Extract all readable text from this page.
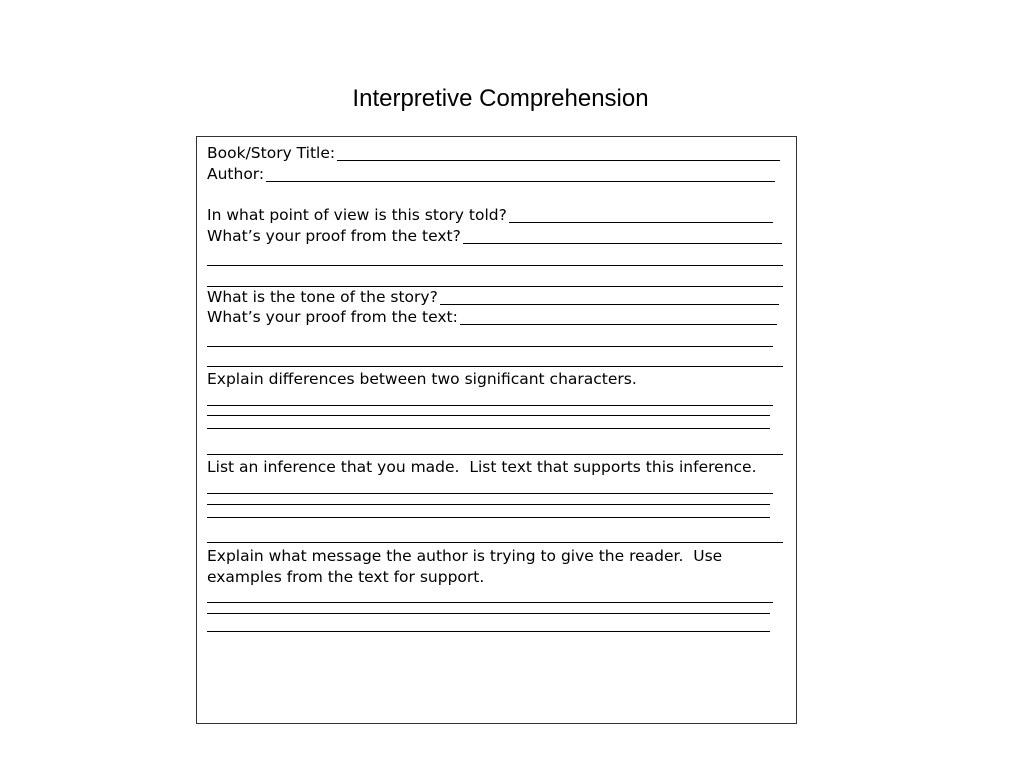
Interpretive Comprehension
Book/Story Title:
Author:
In what point of view is this story told?
What’s your proof from the text?
What is the tone of the story?
What’s your proof from the text:
Explain differences between two significant characters.
List an inference that you made.  List text that supports this inference.
Explain what message the author is trying to give the reader.  Use
examples from the text for support.
